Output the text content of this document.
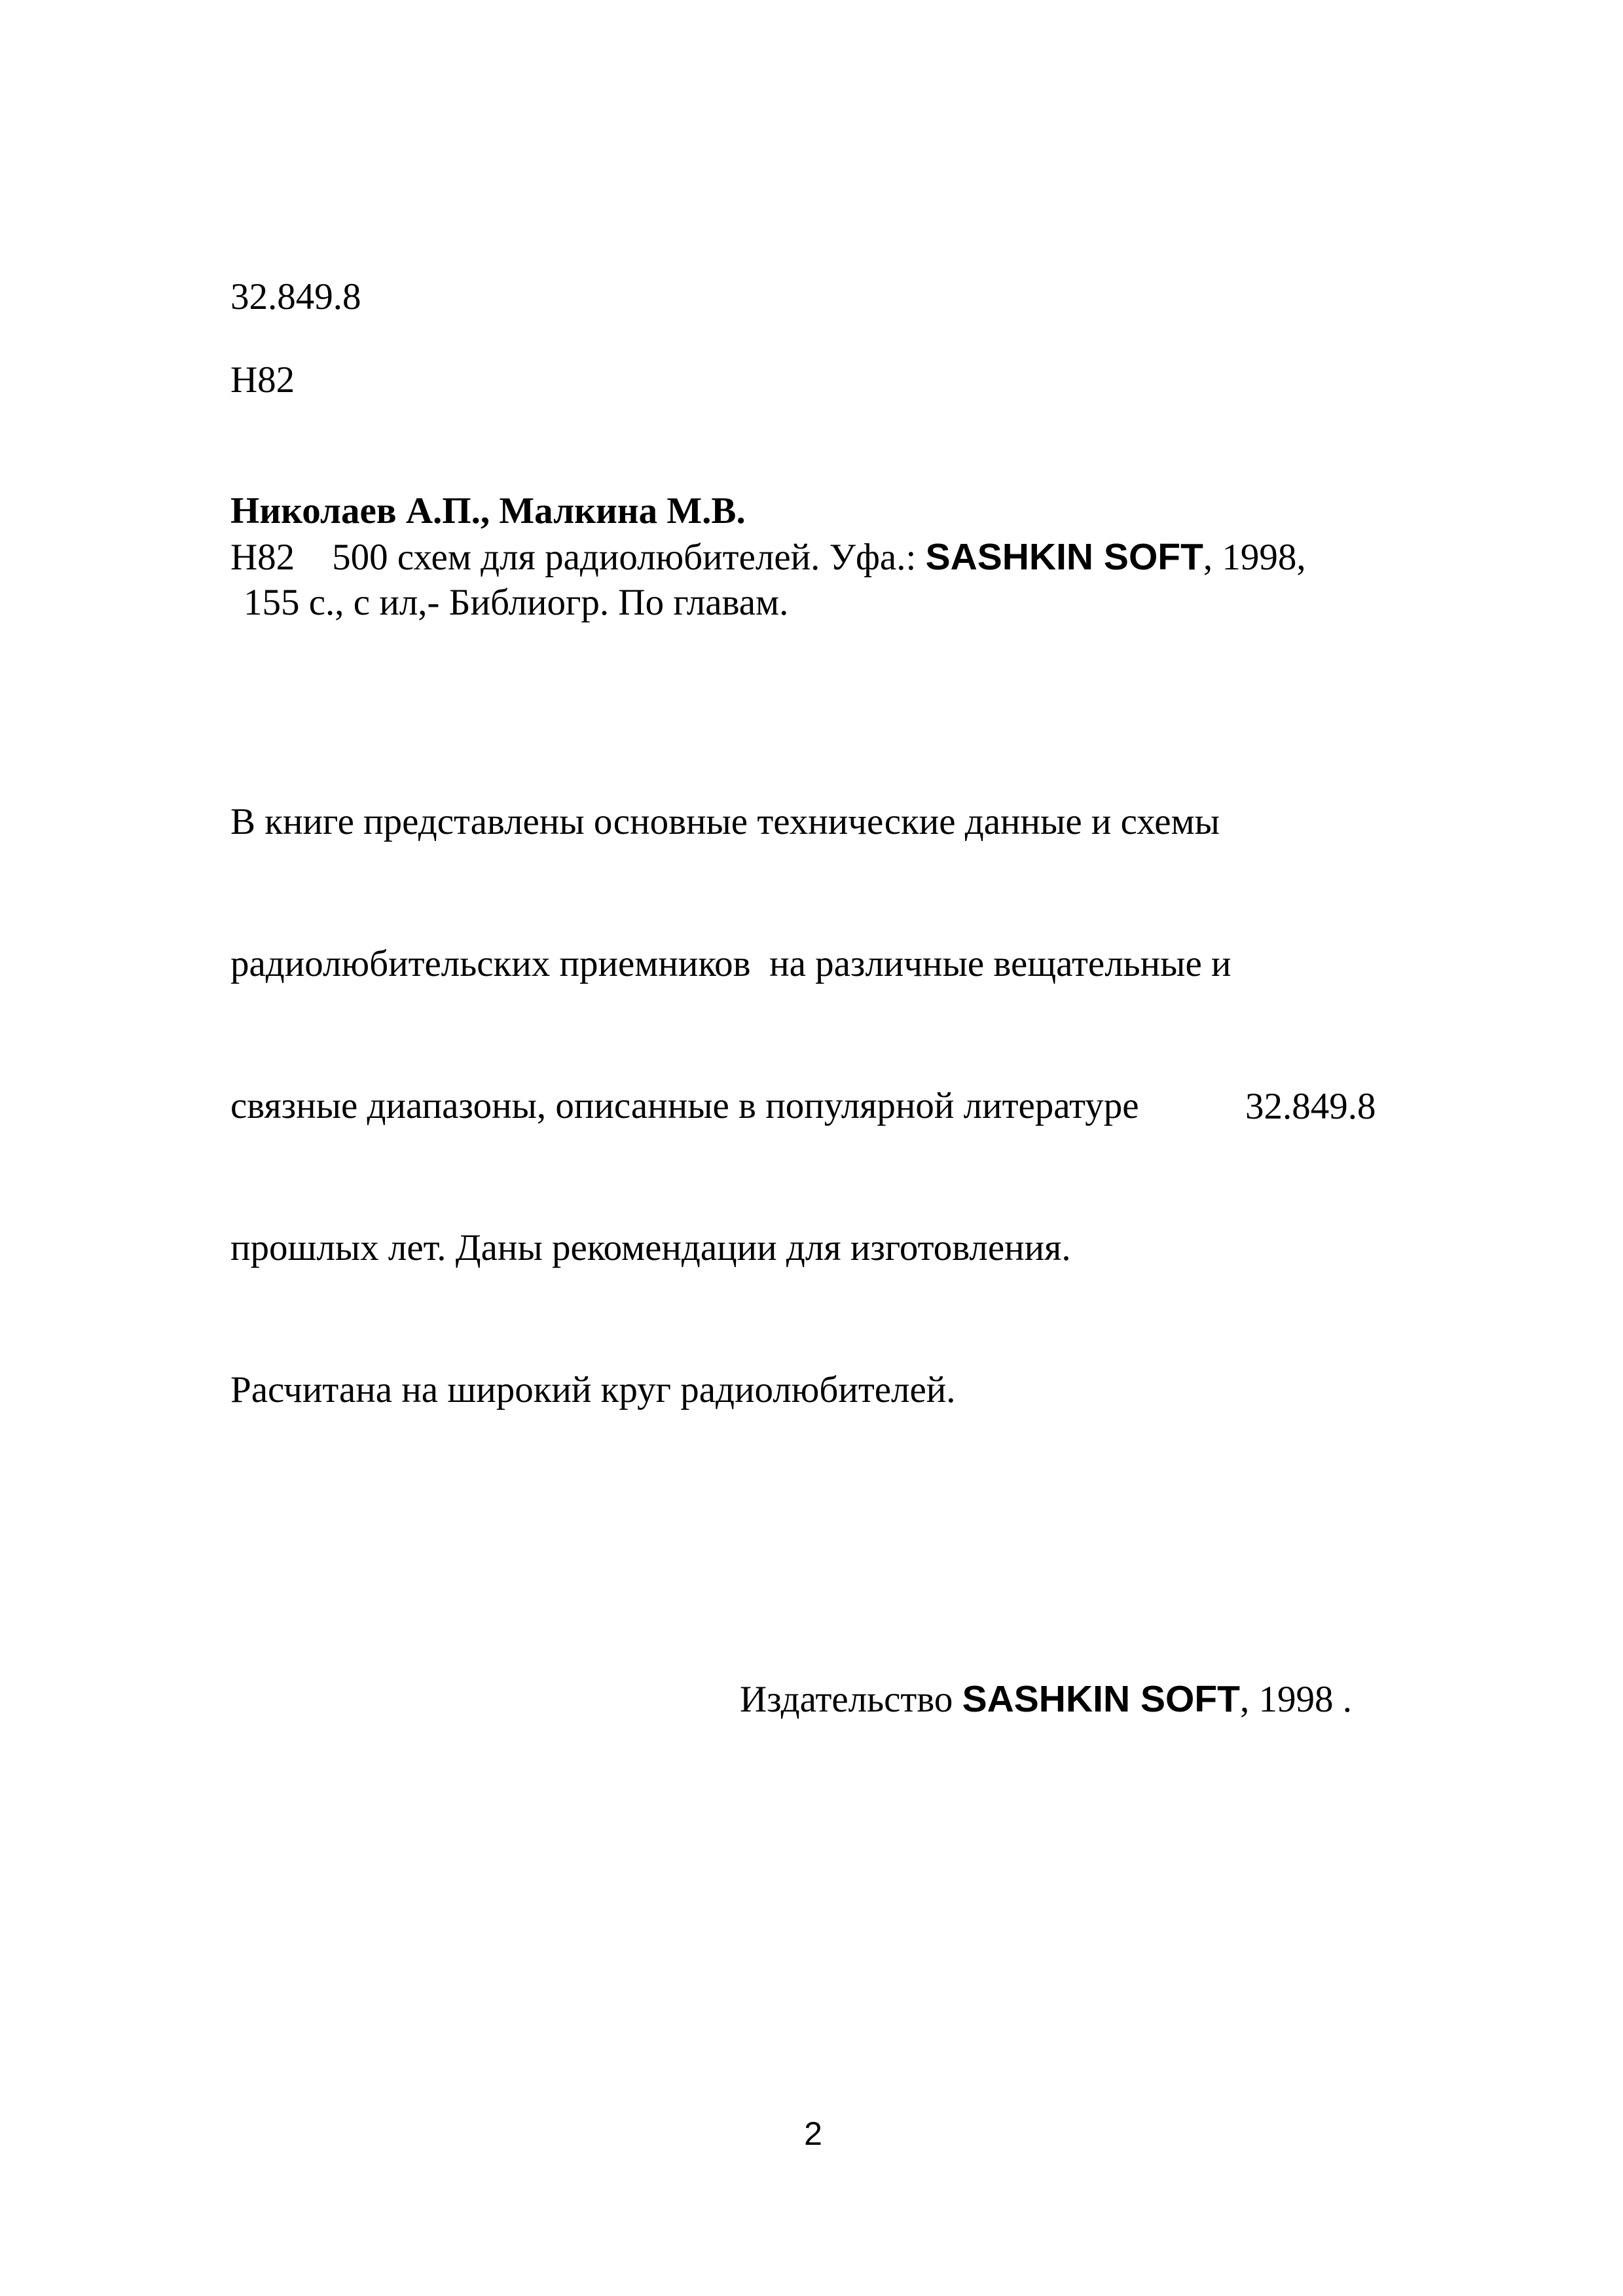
32.849.8
Н82
Николаев А.П., Малкина М.В.
Н82 500 схем для радиолюбителей. Уфа.: SASHKIN SOFT, 1998,
155 с., с ил,- Библиогр. По главам.

В книге представлены основные технические данные и схемы

радиолюбительских приемников  на различные вещательные и

связные диапазоны, описанные в популярной литературе

прошлых лет. Даны рекомендации для изготовления.

Расчитана на широкий круг радиолюбителей.

32.849.8
Издательство SASHKIN SOFT, 1998 .
2
